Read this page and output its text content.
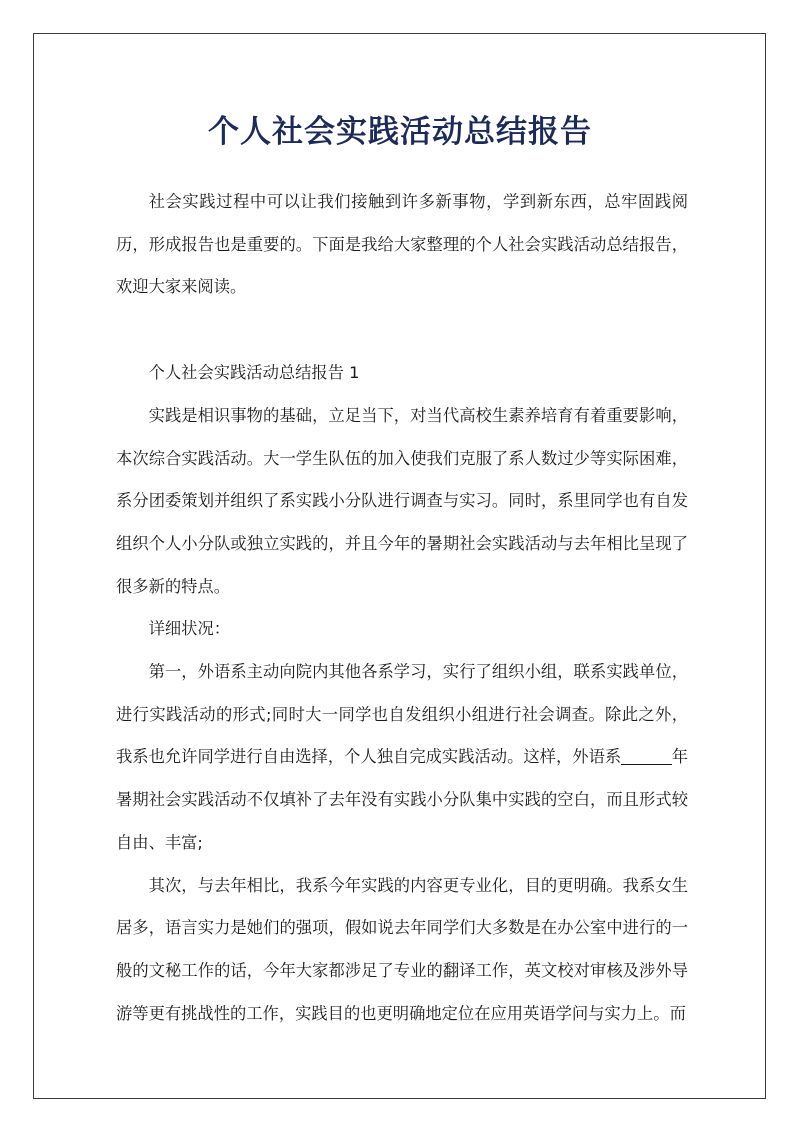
个人社会实践活动总结报告

社会实践过程中可以让我们接触到许多新事物，学到新东西，总牢固践阅历，形成报告也是重要的。下面是我给大家整理的个人社会实践活动总结报告，欢迎大家来阅读。

个人社会实践活动总结报告 1

实践是相识事物的基础，立足当下，对当代高校生素养培育有着重要影响，本次综合实践活动。大一学生队伍的加入使我们克服了系人数过少等实际困难，系分团委策划并组织了系实践小分队进行调查与实习。同时，系里同学也有自发组织个人小分队或独立实践的，并且今年的暑期社会实践活动与去年相比呈现了很多新的特点。

详细状况：

第一，外语系主动向院内其他各系学习，实行了组织小组，联系实践单位，进行实践活动的形式;同时大一同学也自发组织小组进行社会调查。除此之外，我系也允许同学进行自由选择，个人独自完成实践活动。这样，外语系	年暑期社会实践活动不仅填补了去年没有实践小分队集中实践的空白，而且形式较自由、丰富;

其次，与去年相比，我系今年实践的内容更专业化，目的更明确。我系女生居多，语言实力是她们的强项，假如说去年同学们大多数是在办公室中进行的一般的文秘工作的话，今年大家都涉足了专业的翻译工作，英文校对审核及涉外导游等更有挑战性的工作，实践目的也更明确地定位在应用英语学问与实力上。而
